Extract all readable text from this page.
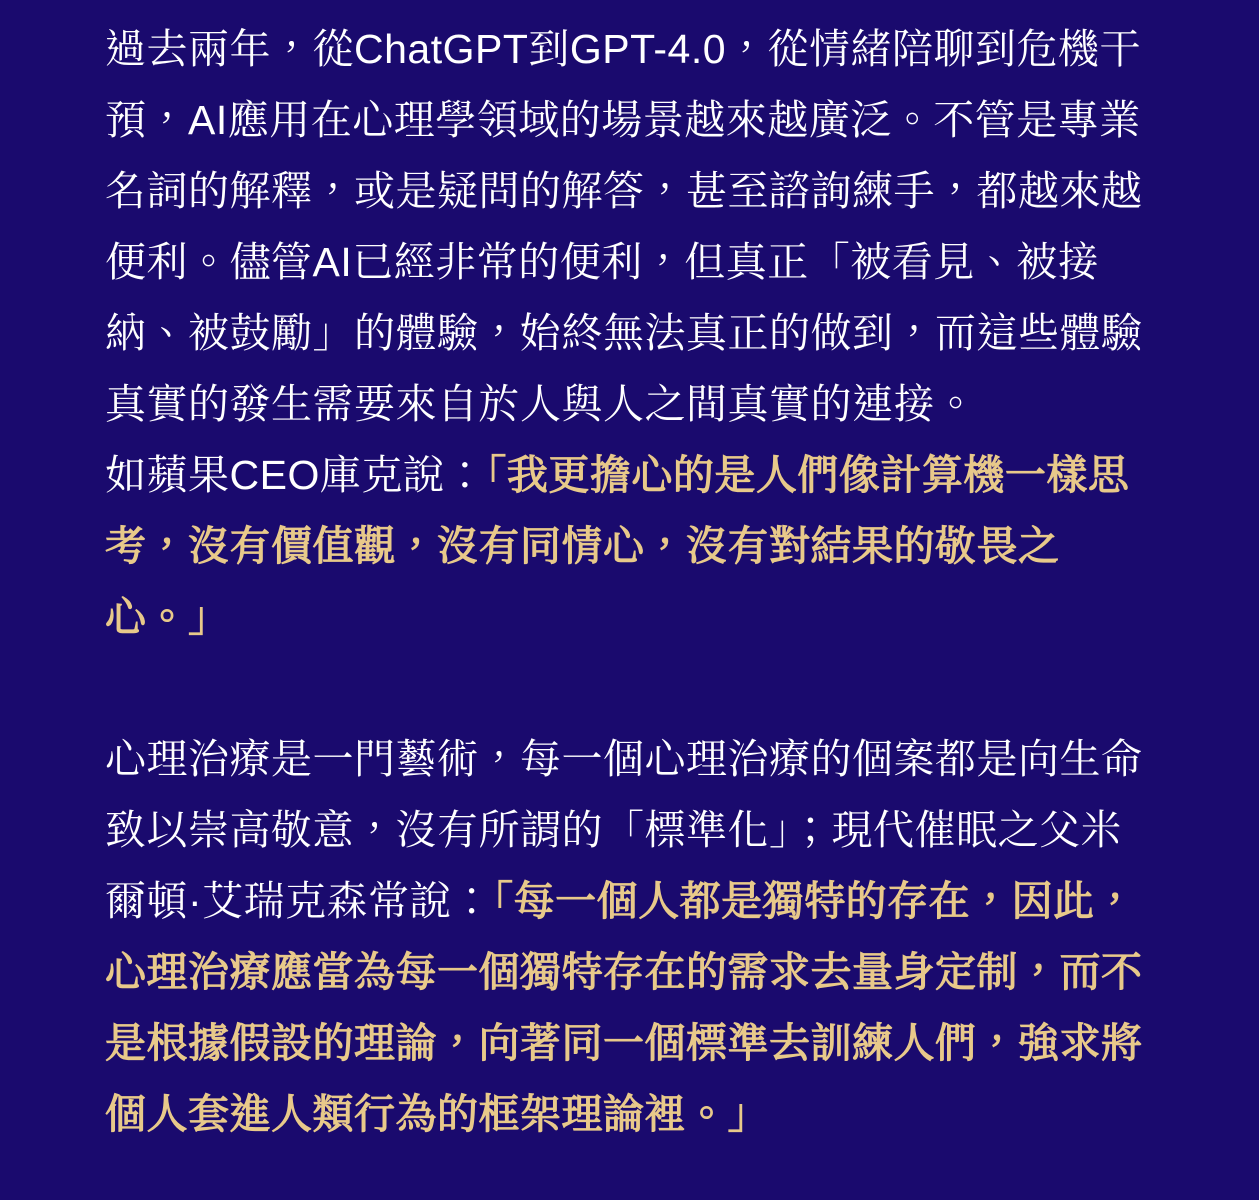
過去兩年，從ChatGPT到GPT-4.0，從情緒陪聊到危機干預，AI應用在心理學領域的場景越來越廣泛。不管是專業名詞的解釋，或是疑問的解答，甚至諮詢練手，都越來越便利。儘管AI已經非常的便利，但真正「被看見、被接納、被鼓勵」的體驗，始終無法真正的做到，而這些體驗真實的發生需要來自於人與人之間真實的連接。

如蘋果CEO庫克說：「我更擔心的是人們像計算機一樣思考，沒有價值觀，沒有同情心，沒有對結果的敬畏之心。」

心理治療是一門藝術，每一個心理治療的個案都是向生命致以崇高敬意，沒有所謂的「標準化」；現代催眠之父米爾頓·艾瑞克森常說：「每一個人都是獨特的存在，因此，心理治療應當為每一個獨特存在的需求去量身定制，而不是根據假設的理論，向著同一個標準去訓練人們，強求將個人套進人類行為的框架理論裡。」
